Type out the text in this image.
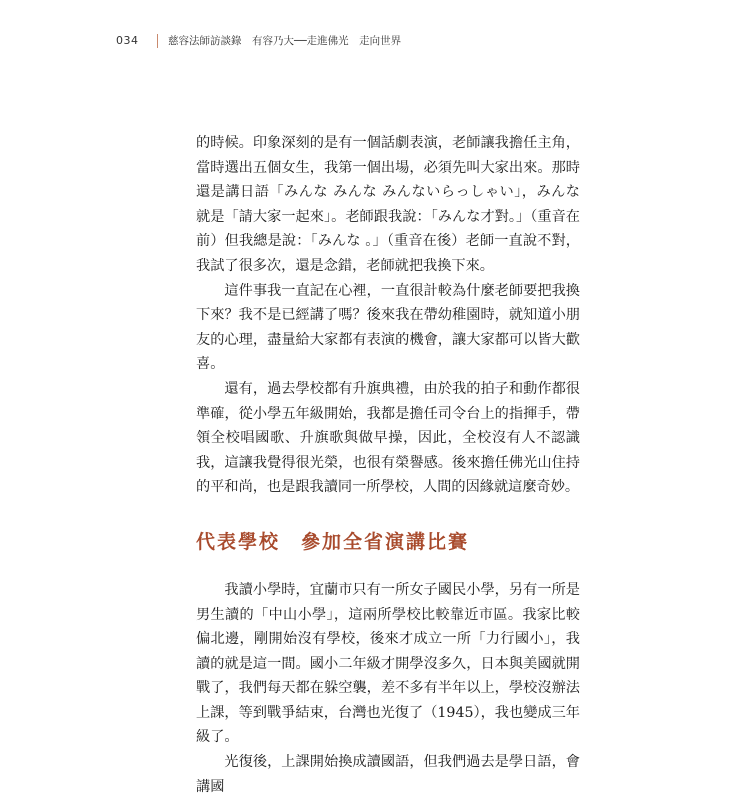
034	慈容法師訪談錄　有容乃大──走進佛光　走向世界

的時候。印象深刻的是有一個話劇表演，老師讓我擔任主角，當時選出五個女生，我第一個出場，必須先叫大家出來。那時還是講日語「みんな みんな みんないらっしゃい」，みんな就是「請大家一起來」。老師跟我說：「みんな才對。」（重音在前）但我總是說：「みんな 。」（重音在後）老師一直說不對，我試了很多次，還是念錯，老師就把我換下來。

這件事我一直記在心裡，一直很計較為什麼老師要把我換下來？我不是已經講了嗎？後來我在帶幼稚園時，就知道小朋友的心理，盡量給大家都有表演的機會，讓大家都可以皆大歡喜。

還有，過去學校都有升旗典禮，由於我的拍子和動作都很準確，從小學五年級開始，我都是擔任司令台上的指揮手，帶領全校唱國歌、升旗歌與做早操，因此，全校沒有人不認識我，這讓我覺得很光榮，也很有榮譽感。後來擔任佛光山住持的平和尚，也是跟我讀同一所學校，人間的因緣就這麼奇妙。

代表學校　參加全省演講比賽

我讀小學時，宜蘭市只有一所女子國民小學，另有一所是男生讀的「中山小學」，這兩所學校比較靠近市區。我家比較偏北邊，剛開始沒有學校，後來才成立一所「力行國小」，我讀的就是這一間。國小二年級才開學沒多久，日本與美國就開戰了，我們每天都在躲空襲，差不多有半年以上，學校沒辦法上課，等到戰爭結束，台灣也光復了（1945），我也變成三年級了。

光復後，上課開始換成讀國語，但我們過去是學日語，會講國
